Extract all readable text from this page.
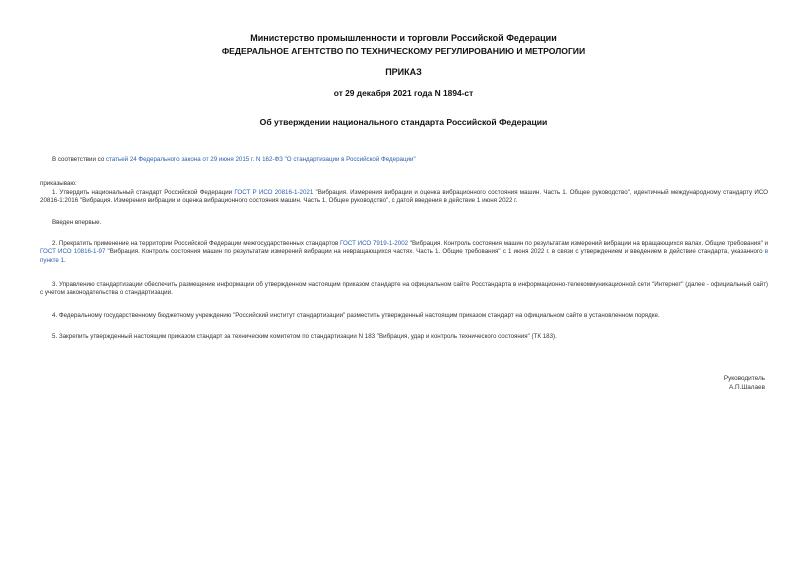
Министерство промышленности и торговли Российской Федерации
ФЕДЕРАЛЬНОЕ АГЕНТСТВО ПО ТЕХНИЧЕСКОМУ РЕГУЛИРОВАНИЮ И МЕТРОЛОГИИ
ПРИКАЗ
от 29 декабря 2021 года N 1894-ст
Об утверждении национального стандарта Российской Федерации
В соответствии со статьей 24 Федерального закона от 29 июня 2015 г. N 162-ФЗ "О стандартизации в Российской Федерации"
приказываю:
1. Утвердить национальный стандарт Российской Федерации ГОСТ Р ИСО 20816-1-2021 "Вибрация. Измерения вибрации и оценка вибрационного состояния машин. Часть 1. Общее руководство", идентичный международному стандарту ИСО 20816-1:2016 "Вибрация. Измерения вибрации и оценка вибрационного состояния машин. Часть 1. Общее руководство", с датой введения в действие 1 июня 2022 г.
Введен впервые.
2. Прекратить применение на территории Российской Федерации межгосударственных стандартов ГОСТ ИСО 7919-1-2002 "Вибрация. Контроль состояния машин по результатам измерений вибрации на вращающихся валах. Общие требования" и ГОСТ ИСО 10816-1-97 "Вибрация. Контроль состояния машин по результатам измерений вибрации на невращающихся частях. Часть 1. Общие требования" с 1 июня 2022 г. в связи с утверждением и введением в действие стандарта, указанного в пункте 1.
3. Управлению стандартизации обеспечить размещение информации об утвержденном настоящим приказом стандарте на официальном сайте Росстандарта в информационно-телекоммуникационной сети "Интернет" (далее - официальный сайт) с учетом законодательства о стандартизации.
4. Федеральному государственному бюджетному учреждению "Российский институт стандартизации" разместить утвержденный настоящим приказом стандарт на официальном сайте в установленном порядке.
5. Закрепить утвержденный настоящим приказом стандарт за техническим комитетом по стандартизации N 183 "Вибрация, удар и контроль технического состояния" (ТК 183).
Руководитель
А.П.Шалаев
